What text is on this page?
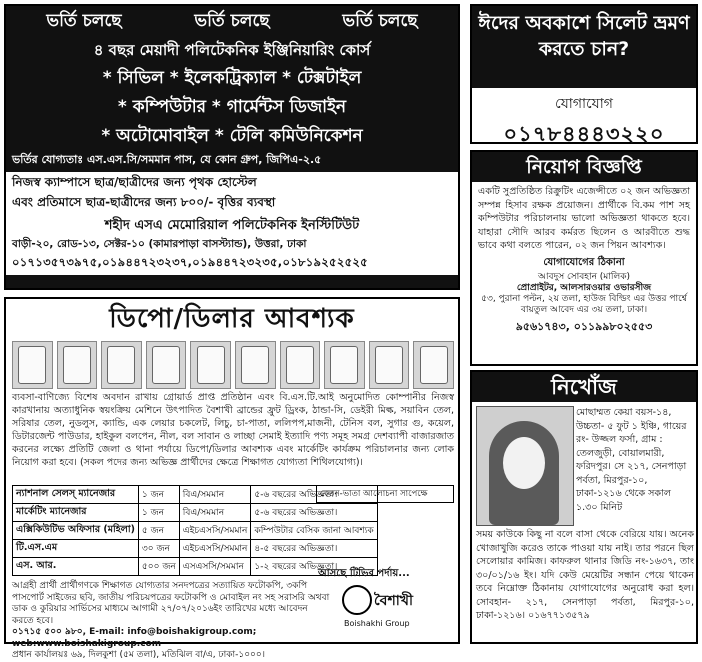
ভর্তি চলছে	ভর্তি চলছে	ভর্তি চলছে
৪ বছর মেয়াদী পলিটেকনিক ইঞ্জিনিয়ারিং কোর্স
* সিভিল * ইলেকট্রিক্যাল * টেক্সটাইল
* কম্পিউটার * গার্মেন্টস ডিজাইন
* অটোমোবাইল * টেলি কমিউনিকেশন
ভর্তির যোগ্যতাঃ এস.এস.সি/সমমান পাস, যে কোন গ্রুপ, জিপিএ-২.৫
নিজস্ব ক্যাম্পাসে ছাত্র/ছাত্রীদের জন্য পৃথক হোস্টেল
এবং প্রতিমাসে ছাত্র-ছাত্রীদের জন্য ৮০০/- বৃত্তির ব্যবস্থা
শহীদ এসএ মেমোরিয়াল পলিটেকনিক ইনস্টিটিউট
বাড়ী-২০, রোড-১৩, সেক্টর-১০ (কামারপাড়া বাসস্ট্যান্ড), উত্তরা, ঢাকা
০১৭১৩৫৭৩৯৭৫,০১৯৪৪৭২৩২৩৭,০১৯৪৪৭২৩২৩৫,০১৮১৯২৫২৫২৫
ডিপো/ডিলার আবশ্যক
ব্যবসা-বাণিজ্যে বিশেষ অবদান রাখায় গ্রোয়ার্ড প্রাপ্ত প্রতিষ্ঠান এবং বি.এস.টি.আই অনুমোদিত কোম্পানীর নিজস্ব কারখানায় অত্যাধুনিক স্বয়ংক্রিয় মেশিনে উৎপাদিত বৈশাখী ব্রান্ডের ফ্রুট ড্রিংক, ঠান্ডা-সি, ডেইরী মিল্ক, সয়াবিন তেল, সরিষার তেল, নুডলুস, ক্যান্ডি, এক লেয়ার চকলেট, লিচু, চা-পাতা, ললিপপ,মাজনী, টেনিস বল, সুগার গু, কয়েল, ডিটারজেন্ট পাউডার, হাইকুল বলপেন, নীল, বল সাবান ও লাচ্ছা সেমাই ইত্যাদি পণ্য সমূহ সমগ্র দেশব্যাপী বাজারজাত করনের লক্ষ্যে প্রতিটি জেলা ও থানা পর্যায়ে ডিপো/ডিলার আবশ্যক এবং মার্কেটিং কার্যক্রম পরিচালনার জন্য লোক নিয়োগ করা হবে। (সকল পদের জন্য অভিজ্ঞ প্রার্থীদের ক্ষেত্রে শিক্ষাগত যোগ্যতা শিথিলযোগ্য)।
ন্যাশনাল সেলস্ ম্যানেজার	১ জন	বিএ/সমমান	৫-৬ বছরের অভিজ্ঞতা।
মার্কেটিং ম্যানেজার	১ জন	বিএ/সমমান	৫-৬ বছরের অভিজ্ঞতা।
এক্সিকিউটিভ অফিসার (মহিলা)	৫ জন	এইচএসসি/সমমান	কম্পিউটার বেসিক জানা আবশ্যক
টি.এস.এম	৩০ জন	এইচএসসি/সমমান	৪-৫ বছরের অভিজ্ঞতা।
এস. আর.	৫০০ জন	এসএসসি/সমমান	১-২ বছরের অভিজ্ঞতা।
বেতন-ভাতা আলোচনা সাপেক্ষে
আসছে টিভির পর্দায়...
আগ্রহী প্রার্থী প্রার্থীগণকে শিক্ষাগত যোগ্যতার সনদপত্রের সত্যায়িত ফটোকপি, ৩কপি পাসপোর্ট সাইজের ছবি, জাতীয় পরিচয়পত্রের ফটোকপি ও মোবাইল নং সহ সরাসরি অথবা ডাক ও কুরিয়ার সার্ভিসের মাধ্যমে আগামী ২৭/০৭/২০১৬ইং তারিখের মধ্যে আবেদন করতে হবে।
০১৭১৫ ৫০০ ৯৮০, E-mail: info@boishakigroup.com; web:www.boishakigroup.com
প্রধান কার্যালয়ঃ ৬৯, দিলকুশা (৫ম তলা), মতিঝিল বা/এ, ঢাকা-১০০০।
বৈশাখী
Boishakhi Group
ঈদের অবকাশে সিলেট ভ্রমণ করতে চান?
যোগাযোগ
০১৭৮৪৪৪৩২২০
নিয়োগ বিজ্ঞপ্তি
একটি সুপ্রতিষ্ঠিত রিক্রুটিং এজেন্সীতে ০২ জন অভিজ্ঞতা সম্পন্ন হিসাব রক্ষক প্রয়োজন। প্রার্থীকে বি.কম পাশ সহ কম্পিউটার পরিচালনায় ভালো অভিজ্ঞতা থাকতে হবে। যাহারা সৌদি আরব কর্মরত ছিলেন ও আরবীতে শুদ্ধ ভাবে কথা বলতে পারেন, ০২ জন পিয়ন আবশ্যক।
যোগাযোগের ঠিকানা
আবদুস সোবহান (মালিক)
প্রোপ্রাইটর, আলসারওয়ার ওভারসীজ
৫৩, পুরানা পল্টন, ২য় তলা, হাউজ বিল্ডিং এর উত্তর পার্শ্বে বায়তুল আবেদ এর ৩য় তলা, ঢাকা।
৯৫৬১৭৪৩, ০১১৯৯৮০২৫৫৩
নিখোঁজ
মোছাম্মত কেয়া বয়স-১৪, উচ্চতা- ৫ ফুট ১ ইঞ্চি, গায়ের রং- উজ্জল ফর্সা, গ্রাম : তেলজুড়ী, বোয়ালমারী, ফরিদপুর। সে ২১৭, সেনপাড়া পর্বতা, মিরপুর-১০, ঢাকা-১২১৬ থেকে সকাল ১.৩০ মিনিট
সময় কাউকে কিছু না বলে বাসা থেকে বেরিয়ে যায়। অনেক খোজাখুজি করেও তাকে পাওয়া যায় নাই। তার পরনে ছিল সেলোয়ার কামিজ। কাফরুল থানার জিডি নং-১৬৩৭, তাং ৩০/০১/১৬ ইং। যদি কেউ মেয়েটির সন্ধান পেয়ে থাকেন তবে নিম্নোক্ত ঠিকানায় যোগাযোগের অনুরোধ করা হল। সোবহান- ২১৭, সেনপাড়া পর্বতা, মিরপুর-১০, ঢাকা-১২১৬। ০১৬৭৭১৩৫৭৯
